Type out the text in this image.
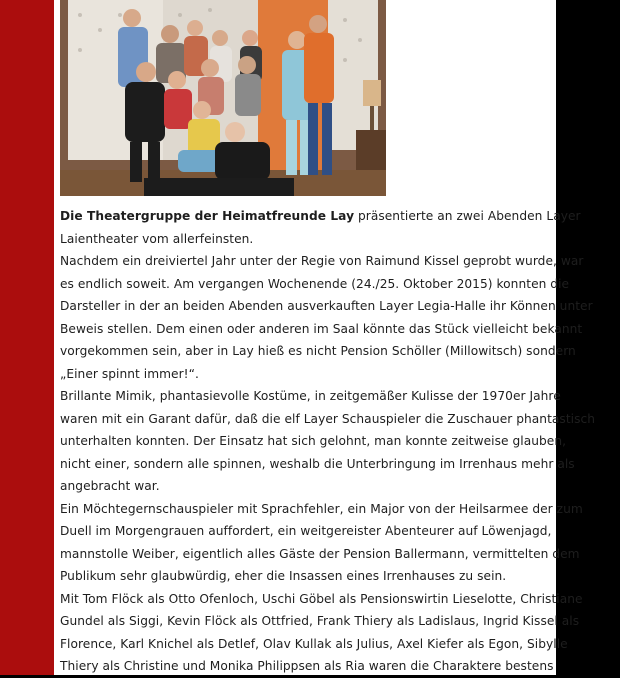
Die Theatergruppe der Heimatfreunde Lay präsentierte an zwei Abenden Layer
Laientheater vom allerfeinsten.
Nachdem ein dreiviertel Jahr unter der Regie von Raimund Kissel geprobt wurde, war
es endlich soweit. Am vergangen Wochenende (24./25. Oktober 2015) konnten die
Darsteller in der an beiden Abenden ausverkauften Layer Legia-Halle ihr Können unter
Beweis stellen. Dem einen oder anderen im Saal könnte das Stück vielleicht bekannt
vorgekommen sein, aber in Lay hieß es nicht Pension Schöller (Millowitsch) sondern
„Einer spinnt immer!“.
Brillante Mimik, phantasievolle Kostüme, in zeitgemäßer Kulisse der 1970er Jahre
waren mit ein Garant dafür, daß die elf Layer Schauspieler die Zuschauer phantastisch
unterhalten konnten. Der Einsatz hat sich gelohnt, man konnte zeitweise glauben,
nicht einer, sondern alle spinnen, weshalb die Unterbringung im Irrenhaus mehr als
angebracht war.
Ein Möchtegernschauspieler mit Sprachfehler, ein Major von der Heilsarmee der zum
Duell im Morgengrauen auffordert, ein weitgereister Abenteurer auf Löwenjagd,
mannstolle Weiber, eigentlich alles Gäste der Pension Ballermann, vermittelten dem
Publikum sehr glaubwürdig, eher die Insassen eines Irrenhauses zu sein.
Mit Tom Flöck als Otto Ofenloch, Uschi Göbel als Pensionswirtin Lieselotte, Christiane
Gundel als Siggi, Kevin Flöck als Ottfried, Frank Thiery als Ladislaus, Ingrid Kissel als
Florence, Karl Knichel als Detlef, Olav Kullak als Julius, Axel Kiefer als Egon, Sibylle
Thiery als Christine und Monika Philippsen als Ria waren die Charaktere bestens
